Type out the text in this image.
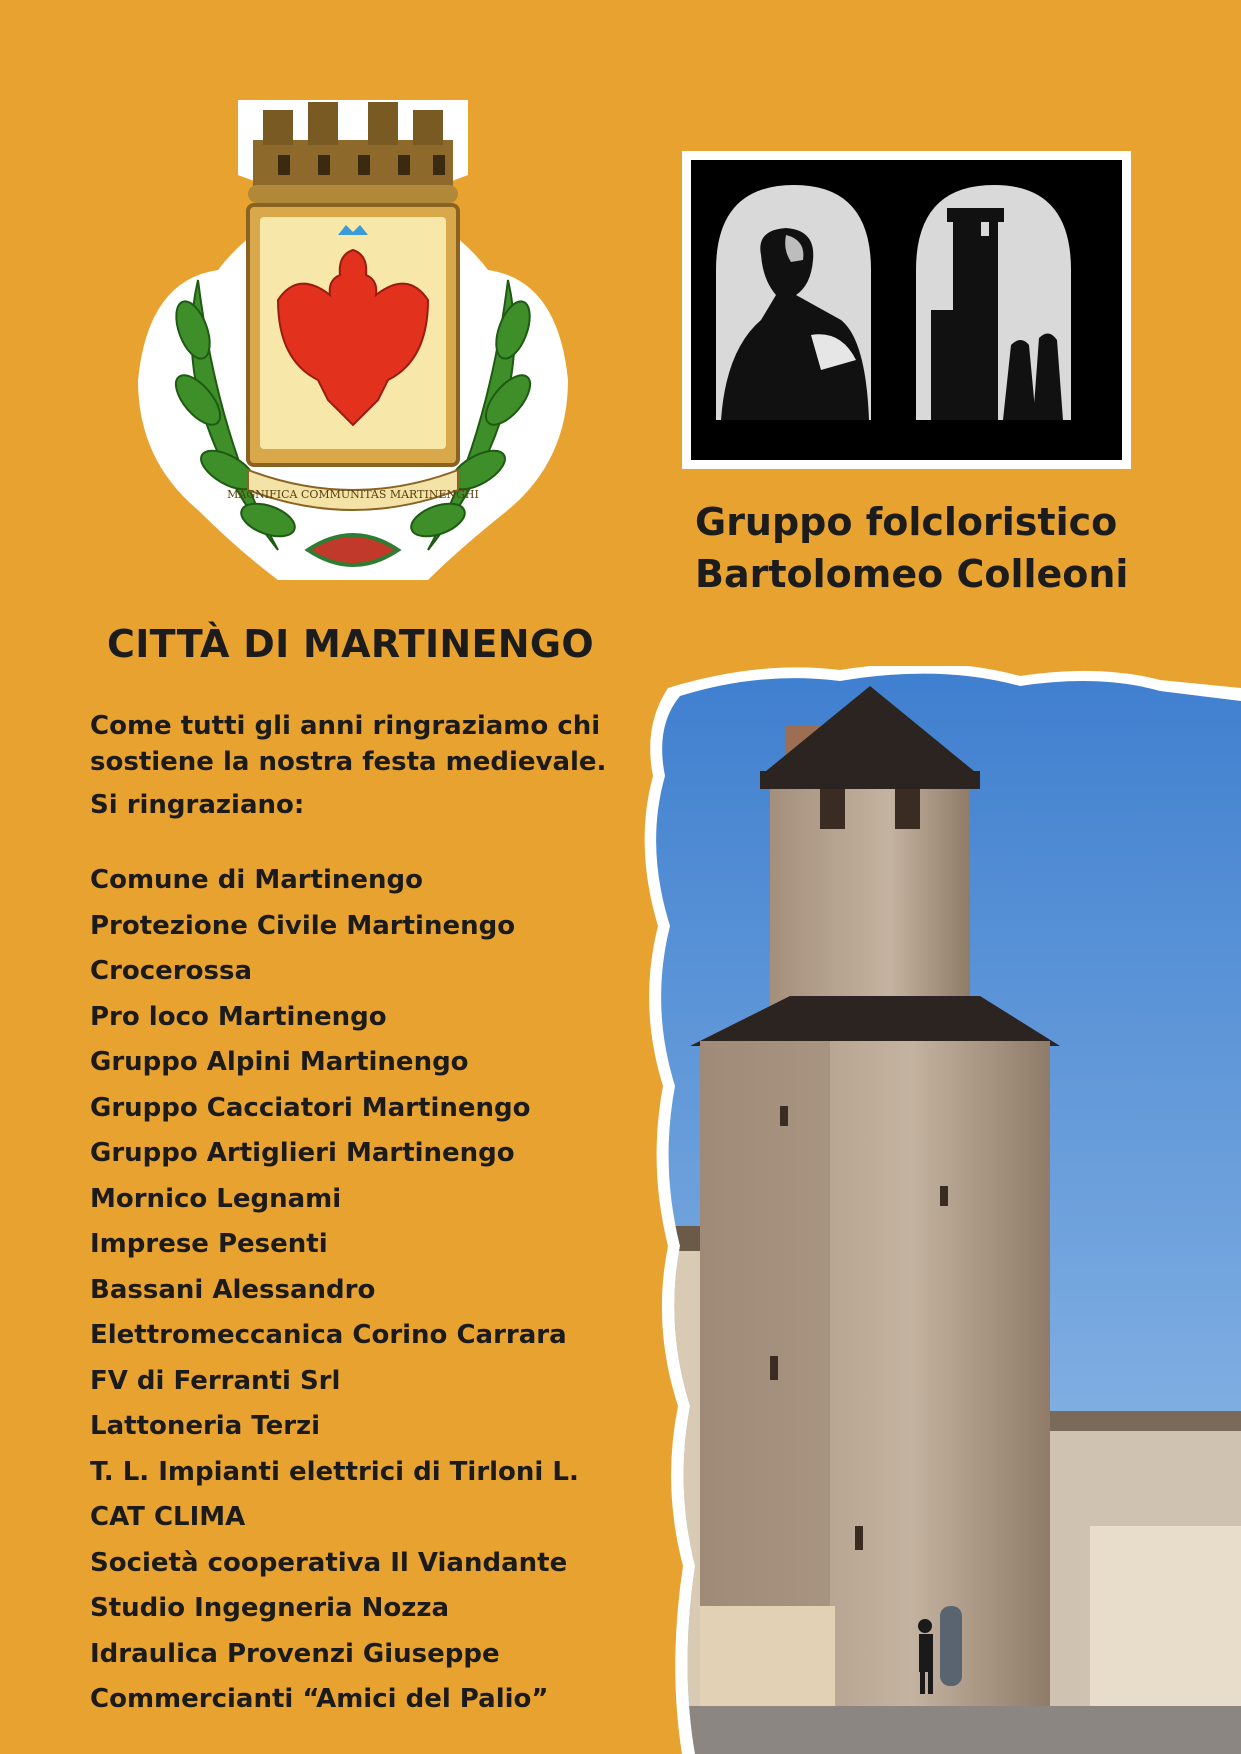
MAGNIFICA COMMUNITAS MARTINENGHI
CITTÀ DI MARTINENGO
Come tutti gli anni ringraziamo chi
sostiene la nostra festa medievale.
Si ringraziano:
Comune di Martinengo
Protezione Civile Martinengo
Crocerossa
Pro loco Martinengo
Gruppo Alpini Martinengo
Gruppo Cacciatori Martinengo
Gruppo Artiglieri Martinengo
Mornico Legnami
Imprese Pesenti
Bassani Alessandro
Elettromeccanica Corino Carrara
FV di Ferranti Srl
Lattoneria Terzi
T. L. Impianti elettrici di Tirloni L.
CAT CLIMA
Società cooperativa Il Viandante
Studio Ingegneria Nozza
Idraulica Provenzi Giuseppe
Commercianti “Amici del Palio”
Gruppo folcloristico
Bartolomeo Colleoni
